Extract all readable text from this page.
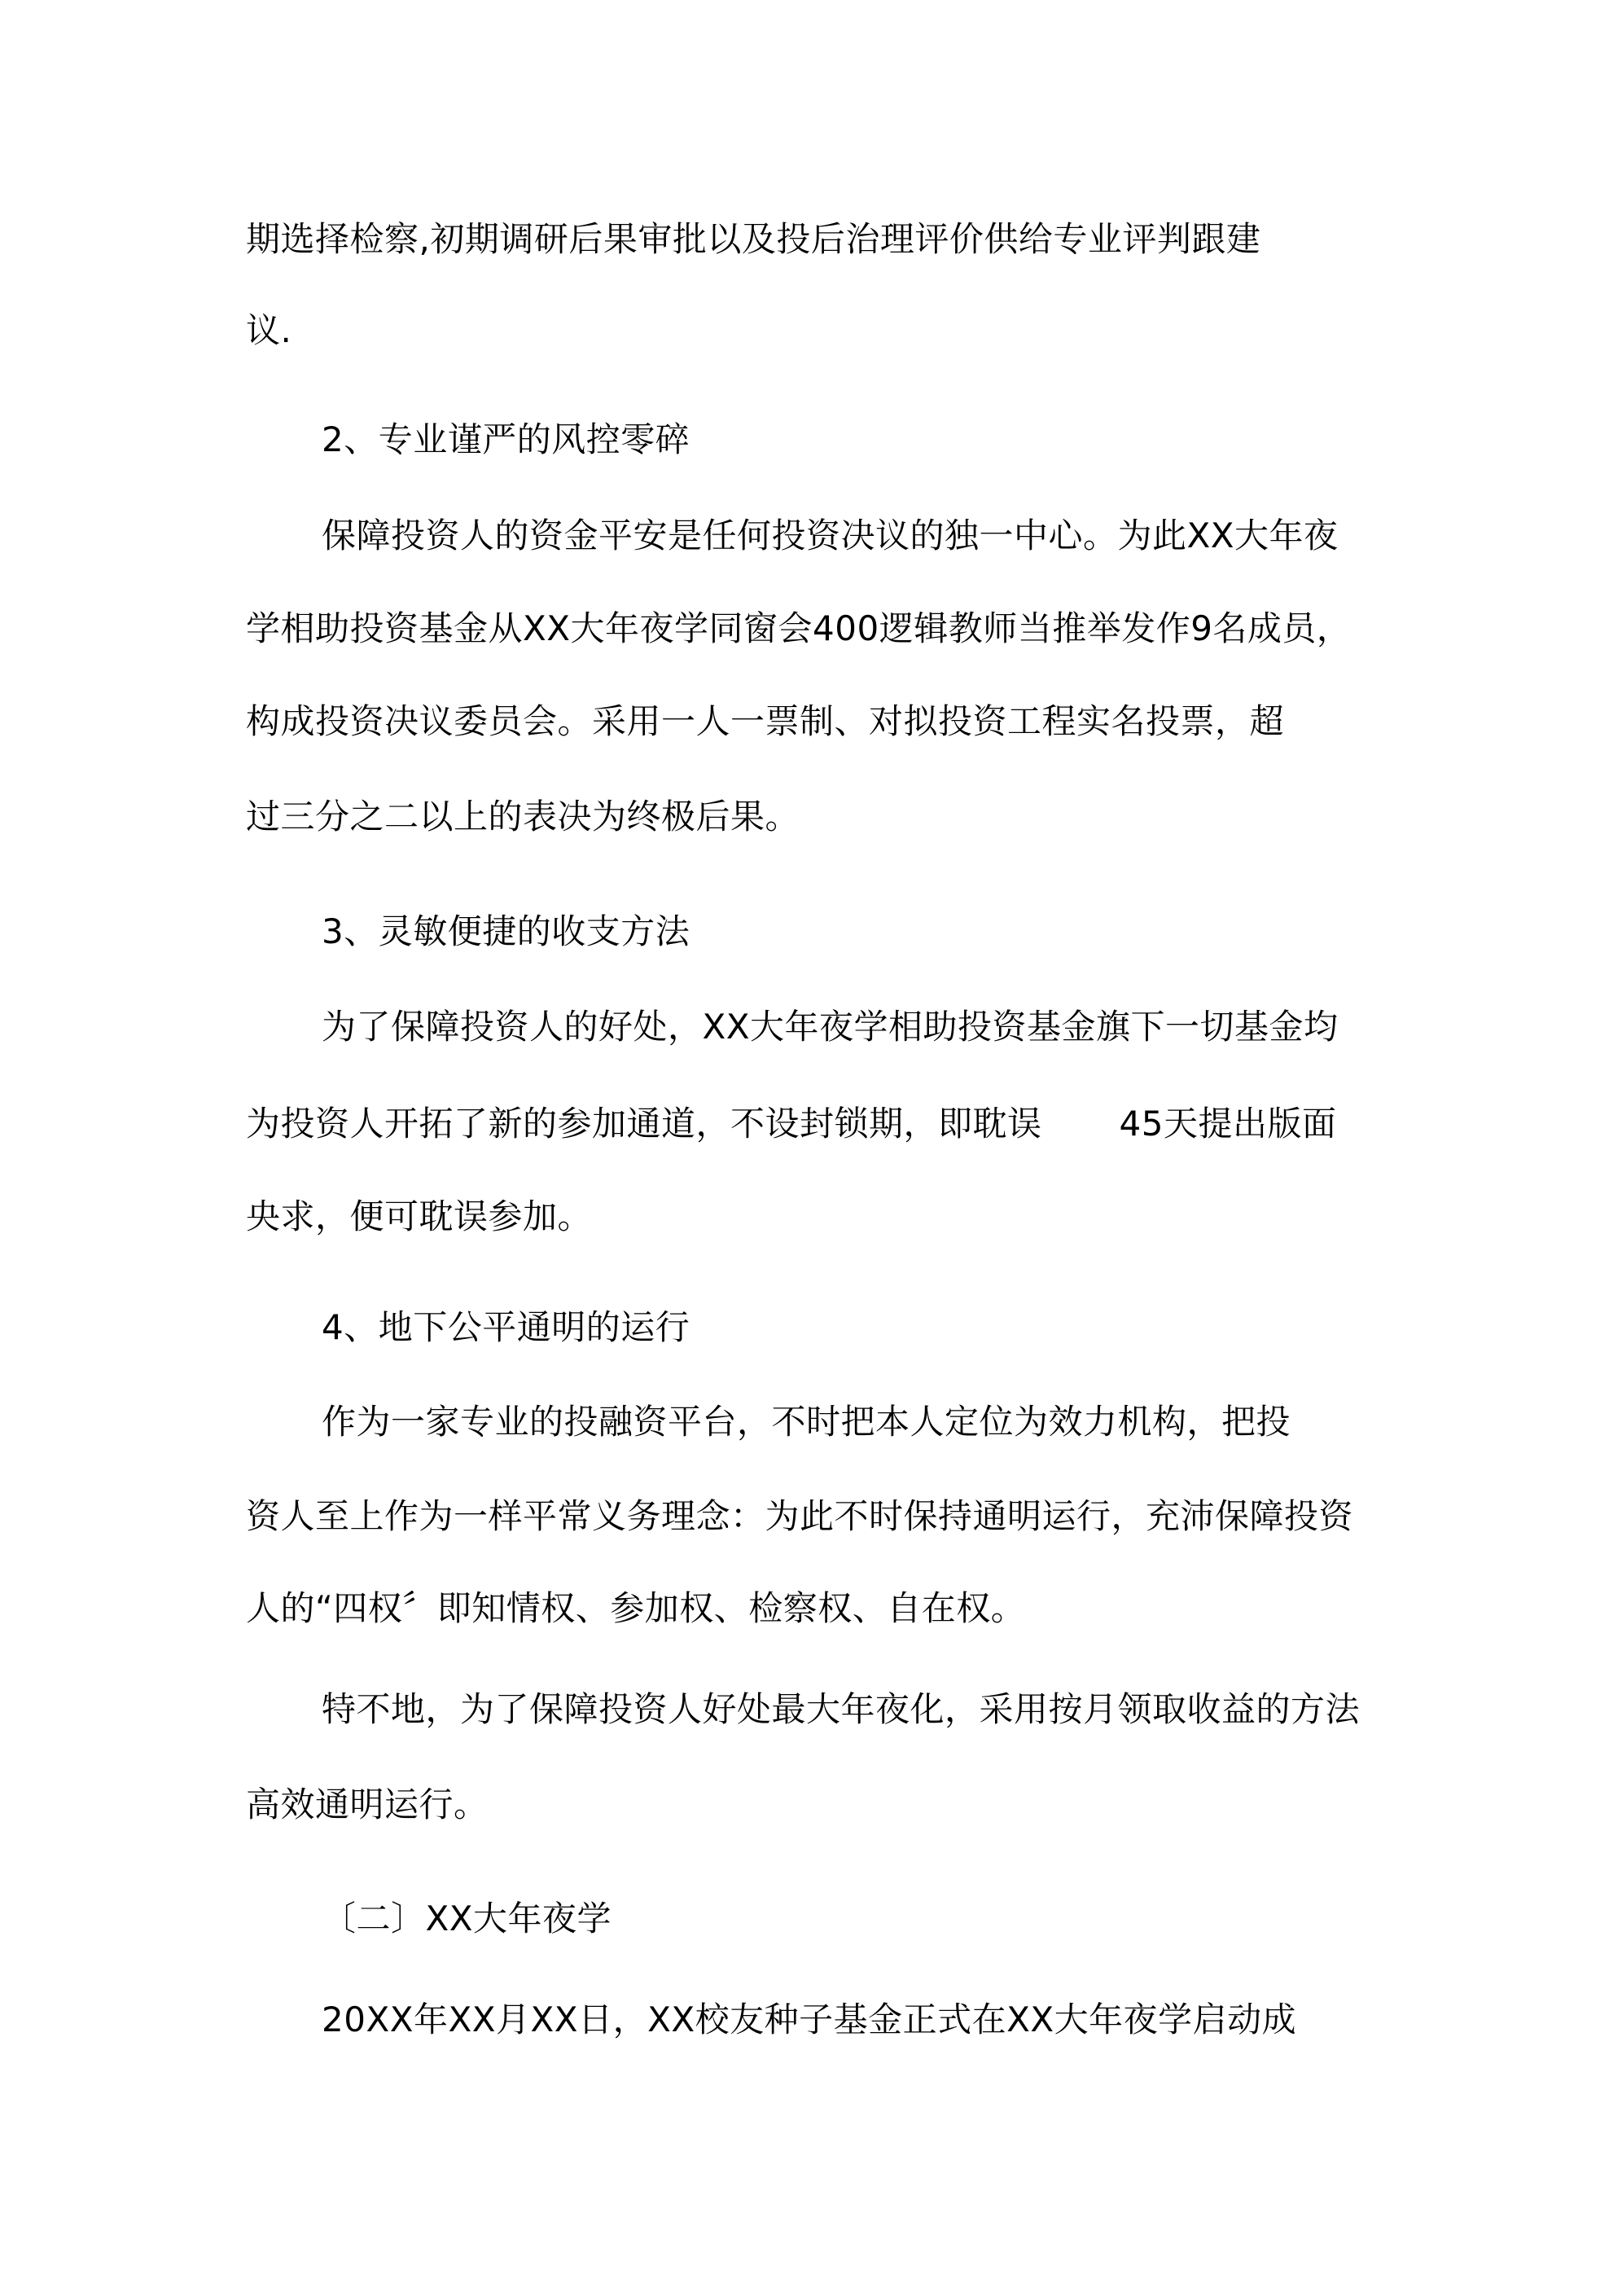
期选择检察,初期调研后果审批以及投后治理评价供给专业评判跟建
议.
2、专业谨严的风控零碎
保障投资人的资金平安是任何投资决议的独一中心。为此XX大年夜
学相助投资基金从XX大年夜学同窗会400逻辑教师当推举发作9名成员，
构成投资决议委员会。采用一人一票制、对拟投资工程实名投票，超
过三分之二以上的表决为终极后果。
3、灵敏便捷的收支方法
为了保障投资人的好处，XX大年夜学相助投资基金旗下一切基金均
为投资人开拓了新的参加通道，不设封锁期，即耽误 45天提出版面
央求，便可耽误参加。
4、地下公平通明的运行
作为一家专业的投融资平台，不时把本人定位为效力机构，把投
资人至上作为一样平常义务理念：为此不时保持通明运行，充沛保障投资
人的“四权〞即知情权、参加权、检察权、自在权。
特不地，为了保障投资人好处最大年夜化，采用按月领取收益的方法
高效通明运行。
〔二〕XX大年夜学
20XX年XX月XX日，XX校友种子基金正式在XX大年夜学启动成
